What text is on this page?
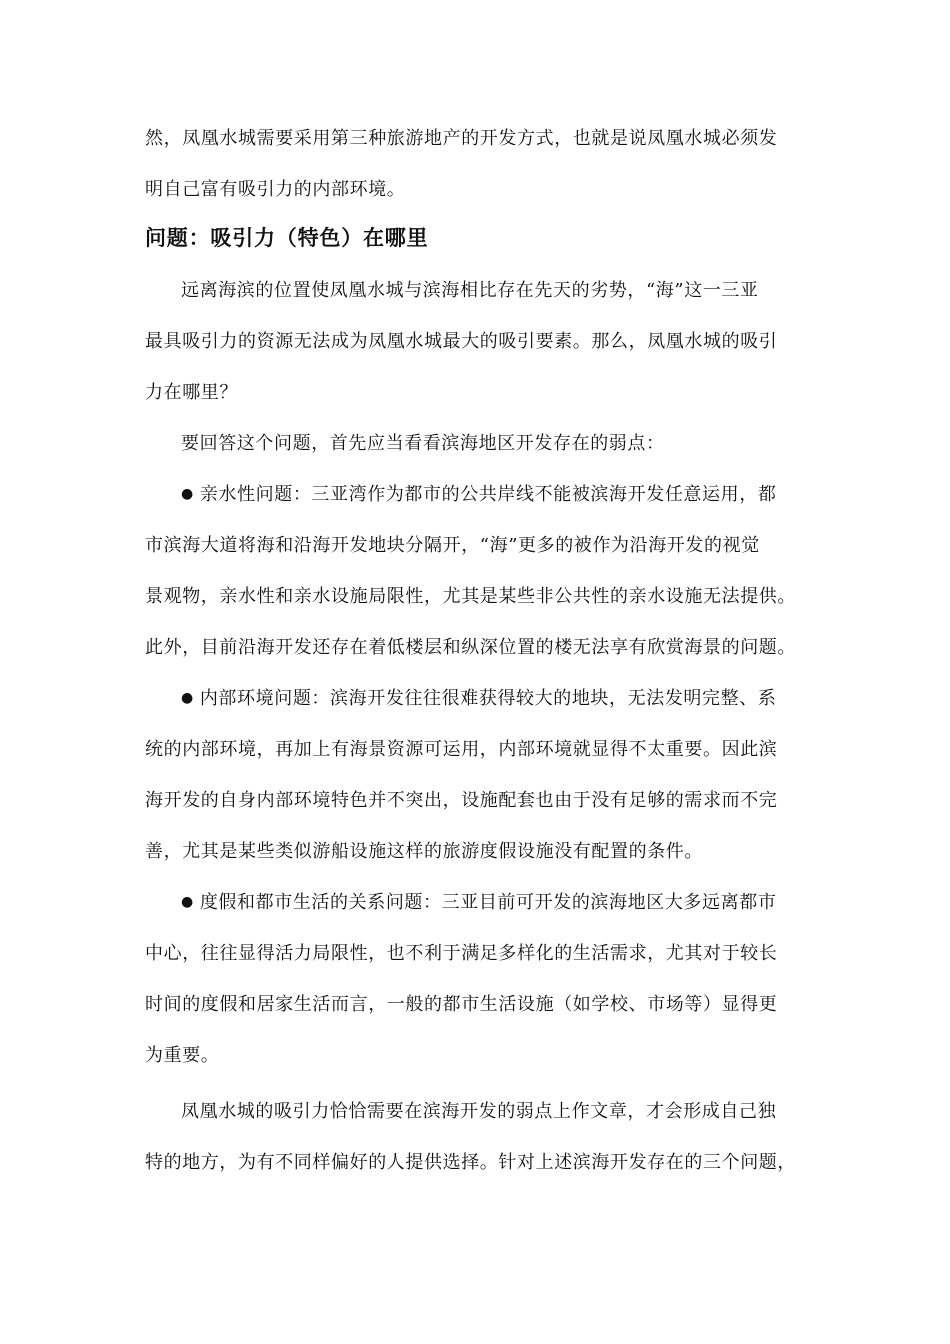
然，凤凰水城需要采用第三种旅游地产的开发方式，也就是说凤凰水城必须发
明自己富有吸引力的内部环境。
问题：吸引力（特色）在哪里
远离海滨的位置使凤凰水城与滨海相比存在先天的劣势，“海”这一三亚
最具吸引力的资源无法成为凤凰水城最大的吸引要素。那么，凤凰水城的吸引
力在哪里？
要回答这个问题，首先应当看看滨海地区开发存在的弱点：
● 亲水性问题：三亚湾作为都市的公共岸线不能被滨海开发任意运用，都
市滨海大道将海和沿海开发地块分隔开，“海”更多的被作为沿海开发的视觉
景观物，亲水性和亲水设施局限性，尤其是某些非公共性的亲水设施无法提供。
此外，目前沿海开发还存在着低楼层和纵深位置的楼无法享有欣赏海景的问题。
● 内部环境问题：滨海开发往往很难获得较大的地块，无法发明完整、系
统的内部环境，再加上有海景资源可运用，内部环境就显得不太重要。因此滨
海开发的自身内部环境特色并不突出，设施配套也由于没有足够的需求而不完
善，尤其是某些类似游船设施这样的旅游度假设施没有配置的条件。
● 度假和都市生活的关系问题：三亚目前可开发的滨海地区大多远离都市
中心，往往显得活力局限性，也不利于满足多样化的生活需求，尤其对于较长
时间的度假和居家生活而言，一般的都市生活设施（如学校、市场等）显得更
为重要。
凤凰水城的吸引力恰恰需要在滨海开发的弱点上作文章，才会形成自己独
特的地方，为有不同样偏好的人提供选择。针对上述滨海开发存在的三个问题，
